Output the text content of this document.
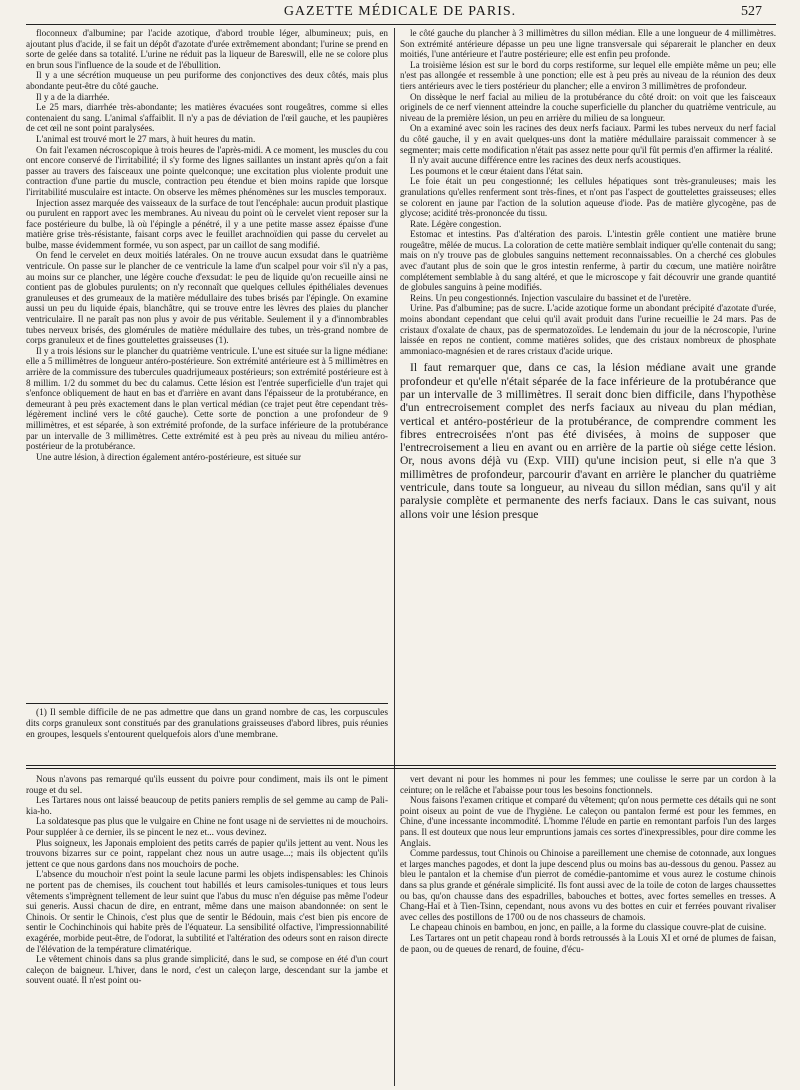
GAZETTE MÉDICALE DE PARIS.	527

floconneux d'albumine; par l'acide azotique, d'abord trouble léger, albumineux; puis, en ajoutant plus d'acide, il se fait un dépôt d'azotate d'urée extrêmement abondant; l'urine se prend en sorte de gelée dans sa totalité. L'urine ne réduit pas la liqueur de Bareswill, elle ne se colore plus en brun sous l'influence de la soude et de l'ébullition.

Il y a une sécrétion muqueuse un peu puriforme des conjonctives des deux côtés, mais plus abondante peut-être du côté gauche.

Il y a de la diarrhée.

Le 25 mars, diarrhée très-abondante; les matières évacuées sont rougeâtres, comme si elles contenaient du sang. L'animal s'affaiblit. Il n'y a pas de déviation de l'œil gauche, et les paupières de cet œil ne sont point paralysées.

L'animal est trouvé mort le 27 mars, à huit heures du matin.

On fait l'examen nécroscopique à trois heures de l'après-midi. A ce moment, les muscles du cou ont encore conservé de l'irritabilité; il s'y forme des lignes saillantes un instant après qu'on a fait passer au travers des faisceaux une pointe quelconque; une excitation plus violente produit une contraction d'une partie du muscle, contraction peu étendue et bien moins rapide que lorsque l'irritabilité musculaire est intacte. On observe les mêmes phénomènes sur les muscles temporaux.

Injection assez marquée des vaisseaux de la surface de tout l'encéphale: aucun produit plastique ou purulent en rapport avec les membranes. Au niveau du point où le cervelet vient reposer sur la face postérieure du bulbe, là où l'épingle a pénétré, il y a une petite masse assez épaisse d'une matière grise très-résistante, faisant corps avec le feuillet arachnoïdien qui passe du cervelet au bulbe, masse évidemment formée, vu son aspect, par un caillot de sang modifié.

On fend le cervelet en deux moitiés latérales. On ne trouve aucun exsudat dans le quatrième ventricule. On passe sur le plancher de ce ventricule la lame d'un scalpel pour voir s'il n'y a pas, au moins sur ce plancher, une légère couche d'exsudat: le peu de liquide qu'on recueille ainsi ne contient pas de globules purulents; on n'y reconnaît que quelques cellules épithéliales devenues granuleuses et des grumeaux de la matière médullaire des tubes brisés par l'épingle. On examine aussi un peu du liquide épais, blanchâtre, qui se trouve entre les lèvres des plaies du plancher ventriculaire. Il ne paraît pas non plus y avoir de pus véritable. Seulement il y a d'innombrables tubes nerveux brisés, des glomérules de matière médullaire des tubes, un très-grand nombre de corps granuleux et de fines gouttelettes graisseuses (1).

Il y a trois lésions sur le plancher du quatrième ventricule. L'une est située sur la ligne médiane: elle a 5 millimètres de longueur antéro-postérieure. Son extrémité antérieure est à 5 millimètres en arrière de la commissure des tubercules quadrijumeaux postérieurs; son extrémité postérieure est à 8 millim. 1/2 du sommet du bec du calamus. Cette lésion est l'entrée superficielle d'un trajet qui s'enfonce obliquement de haut en bas et d'arrière en avant dans l'épaisseur de la protubérance, en demeurant à peu près exactement dans le plan vertical médian (ce trajet peut être cependant très-légèrement incliné vers le côté gauche). Cette sorte de ponction a une profondeur de 9 millimètres, et est séparée, à son extrémité profonde, de la surface inférieure de la protubérance par un intervalle de 3 millimètres. Cette extrémité est à peu près au niveau du milieu antéro-postérieur de la protubérance.

Une autre lésion, à direction également antéro-postérieure, est située sur

(1) Il semble difficile de ne pas admettre que dans un grand nombre de cas, les corpuscules dits corps granuleux sont constitués par des granulations graisseuses d'abord libres, puis réunies en groupes, lesquels s'entourent quelquefois alors d'une membrane.

le côté gauche du plancher à 3 millimètres du sillon médian. Elle a une longueur de 4 millimètres. Son extrémité antérieure dépasse un peu une ligne transversale qui séparerait le plancher en deux moitiés, l'une antérieure et l'autre postérieure; elle est enfin peu profonde.

La troisième lésion est sur le bord du corps restiforme, sur lequel elle empiète même un peu; elle n'est pas allongée et ressemble à une ponction; elle est à peu près au niveau de la réunion des deux tiers antérieurs avec le tiers postérieur du plancher; elle a environ 3 millimètres de profondeur.

On dissèque le nerf facial au milieu de la protubérance du côté droit: on voit que les faisceaux originels de ce nerf viennent atteindre la couche superficielle du plancher du quatrième ventricule, au niveau de la première lésion, un peu en arrière du milieu de sa longueur.

On a examiné avec soin les racines des deux nerfs faciaux. Parmi les tubes nerveux du nerf facial du côté gauche, il y en avait quelques-uns dont la matière médullaire paraissait commencer à se segmenter; mais cette modification n'était pas assez nette pour qu'il fût permis d'en affirmer la réalité.

Il n'y avait aucune différence entre les racines des deux nerfs acoustiques.

Les poumons et le cœur étaient dans l'état sain.

Le foie était un peu congestionné; les cellules hépatiques sont très-granuleuses; mais les granulations qu'elles renferment sont très-fines, et n'ont pas l'aspect de gouttelettes graisseuses; elles se colorent en jaune par l'action de la solution aqueuse d'iode. Pas de matière glycogène, pas de glycose; acidité très-prononcée du tissu.

Rate. Légère congestion.

Estomac et intestins. Pas d'altération des parois. L'intestin grêle contient une matière brune rougeâtre, mêlée de mucus. La coloration de cette matière semblait indiquer qu'elle contenait du sang; mais on n'y trouve pas de globules sanguins nettement reconnaissables. On a cherché ces globules avec d'autant plus de soin que le gros intestin renferme, à partir du cœcum, une matière noirâtre complétement semblable à du sang altéré, et que le microscope y fait découvrir une grande quantité de globules sanguins à peine modifiés.

Reins. Un peu congestionnés. Injection vasculaire du bassinet et de l'uretère.

Urine. Pas d'albumine; pas de sucre. L'acide azotique forme un abondant précipité d'azotate d'urée, moins abondant cependant que celui qu'il avait produit dans l'urine recueillie le 24 mars. Pas de cristaux d'oxalate de chaux, pas de spermatozoïdes. Le lendemain du jour de la nécroscopie, l'urine laissée en repos ne contient, comme matières solides, que des cristaux nombreux de phosphate ammoniaco-magnésien et de rares cristaux d'acide urique.

Il faut remarquer que, dans ce cas, la lésion médiane avait une grande profondeur et qu'elle n'était séparée de la face inférieure de la protubérance que par un intervalle de 3 millimètres. Il serait donc bien difficile, dans l'hypothèse d'un entrecroisement complet des nerfs faciaux au niveau du plan médian, vertical et antéro-postérieur de la protubérance, de comprendre comment les fibres entrecroisées n'ont pas été divisées, à moins de supposer que l'entrecroisement a lieu en avant ou en arrière de la partie où siége cette lésion. Or, nous avons déjà vu (Exp. VIII) qu'une incision peut, si elle n'a que 3 millimètres de profondeur, parcourir d'avant en arrière le plancher du quatrième ventricule, dans toute sa longueur, au niveau du sillon médian, sans qu'il y ait paralysie complète et permanente des nerfs faciaux. Dans le cas suivant, nous allons voir une lésion presque

Nous n'avons pas remarqué qu'ils eussent du poivre pour condiment, mais ils ont le piment rouge et du sel.

Les Tartares nous ont laissé beaucoup de petits paniers remplis de sel gemme au camp de Pali-kia-ho.

La soldatesque pas plus que le vulgaire en Chine ne font usage ni de serviettes ni de mouchoirs. Pour suppléer à ce dernier, ils se pincent le nez et... vous devinez.

Plus soigneux, les Japonais emploient des petits carrés de papier qu'ils jettent au vent. Nous les trouvons bizarres sur ce point, rappelant chez nous un autre usage...; mais ils objectent qu'ils jettent ce que nous gardons dans nos mouchoirs de poche.

L'absence du mouchoir n'est point la seule lacune parmi les objets indispensables: les Chinois ne portent pas de chemises, ils couchent tout habillés et leurs camisoles-tuniques et tous leurs vêtements s'imprègnent tellement de leur suint que l'abus du musc n'en déguise pas même l'odeur sui generis. Aussi chacun de dire, en entrant, même dans une maison abandonnée: on sent le Chinois. Or sentir le Chinois, c'est plus que de sentir le Bédouin, mais c'est bien pis encore de sentir le Cochinchinois qui habite près de l'équateur. La sensibilité olfactive, l'impressionnabilité exagérée, morbide peut-être, de l'odorat, la subtilité et l'altération des odeurs sont en raison directe de l'élévation de la température climatérique.

Le vêtement chinois dans sa plus grande simplicité, dans le sud, se compose en été d'un court caleçon de baigneur. L'hiver, dans le nord, c'est un caleçon large, descendant sur la jambe et souvent ouaté. Il n'est point ou-

vert devant ni pour les hommes ni pour les femmes; une coulisse le serre par un cordon à la ceinture; on le relâche et l'abaisse pour tous les besoins fonctionnels.

Nous faisons l'examen critique et comparé du vêtement; qu'on nous permette ces détails qui ne sont point oiseux au point de vue de l'hygiène. Le caleçon ou pantalon fermé est pour les femmes, en Chine, d'une incessante incommodité. L'homme l'élude en partie en remontant parfois l'un des larges pans. Il est douteux que nous leur empruntions jamais ces sortes d'inexpressibles, pour dire comme les Anglais.

Comme pardessus, tout Chinois ou Chinoise a pareillement une chemise de cotonnade, aux longues et larges manches pagodes, et dont la jupe descend plus ou moins bas au-dessous du genou. Passez au bleu le pantalon et la chemise d'un pierrot de comédie-pantomime et vous aurez le costume chinois dans sa plus grande et générale simplicité. Ils font aussi avec de la toile de coton de larges chaussettes ou bas, qu'on chausse dans des espadrilles, babouches et bottes, avec fortes semelles en tresses. A Chang-Haï et à Tien-Tsinn, cependant, nous avons vu des bottes en cuir et ferrées pouvant rivaliser avec celles des postillons de 1700 ou de nos chasseurs de chamois.

Le chapeau chinois en bambou, en jonc, en paille, a la forme du classique couvre-plat de cuisine.

Les Tartares ont un petit chapeau rond à bords retroussés à la Louis XI et orné de plumes de faisan, de paon, ou de queues de renard, de fouine, d'écu-
